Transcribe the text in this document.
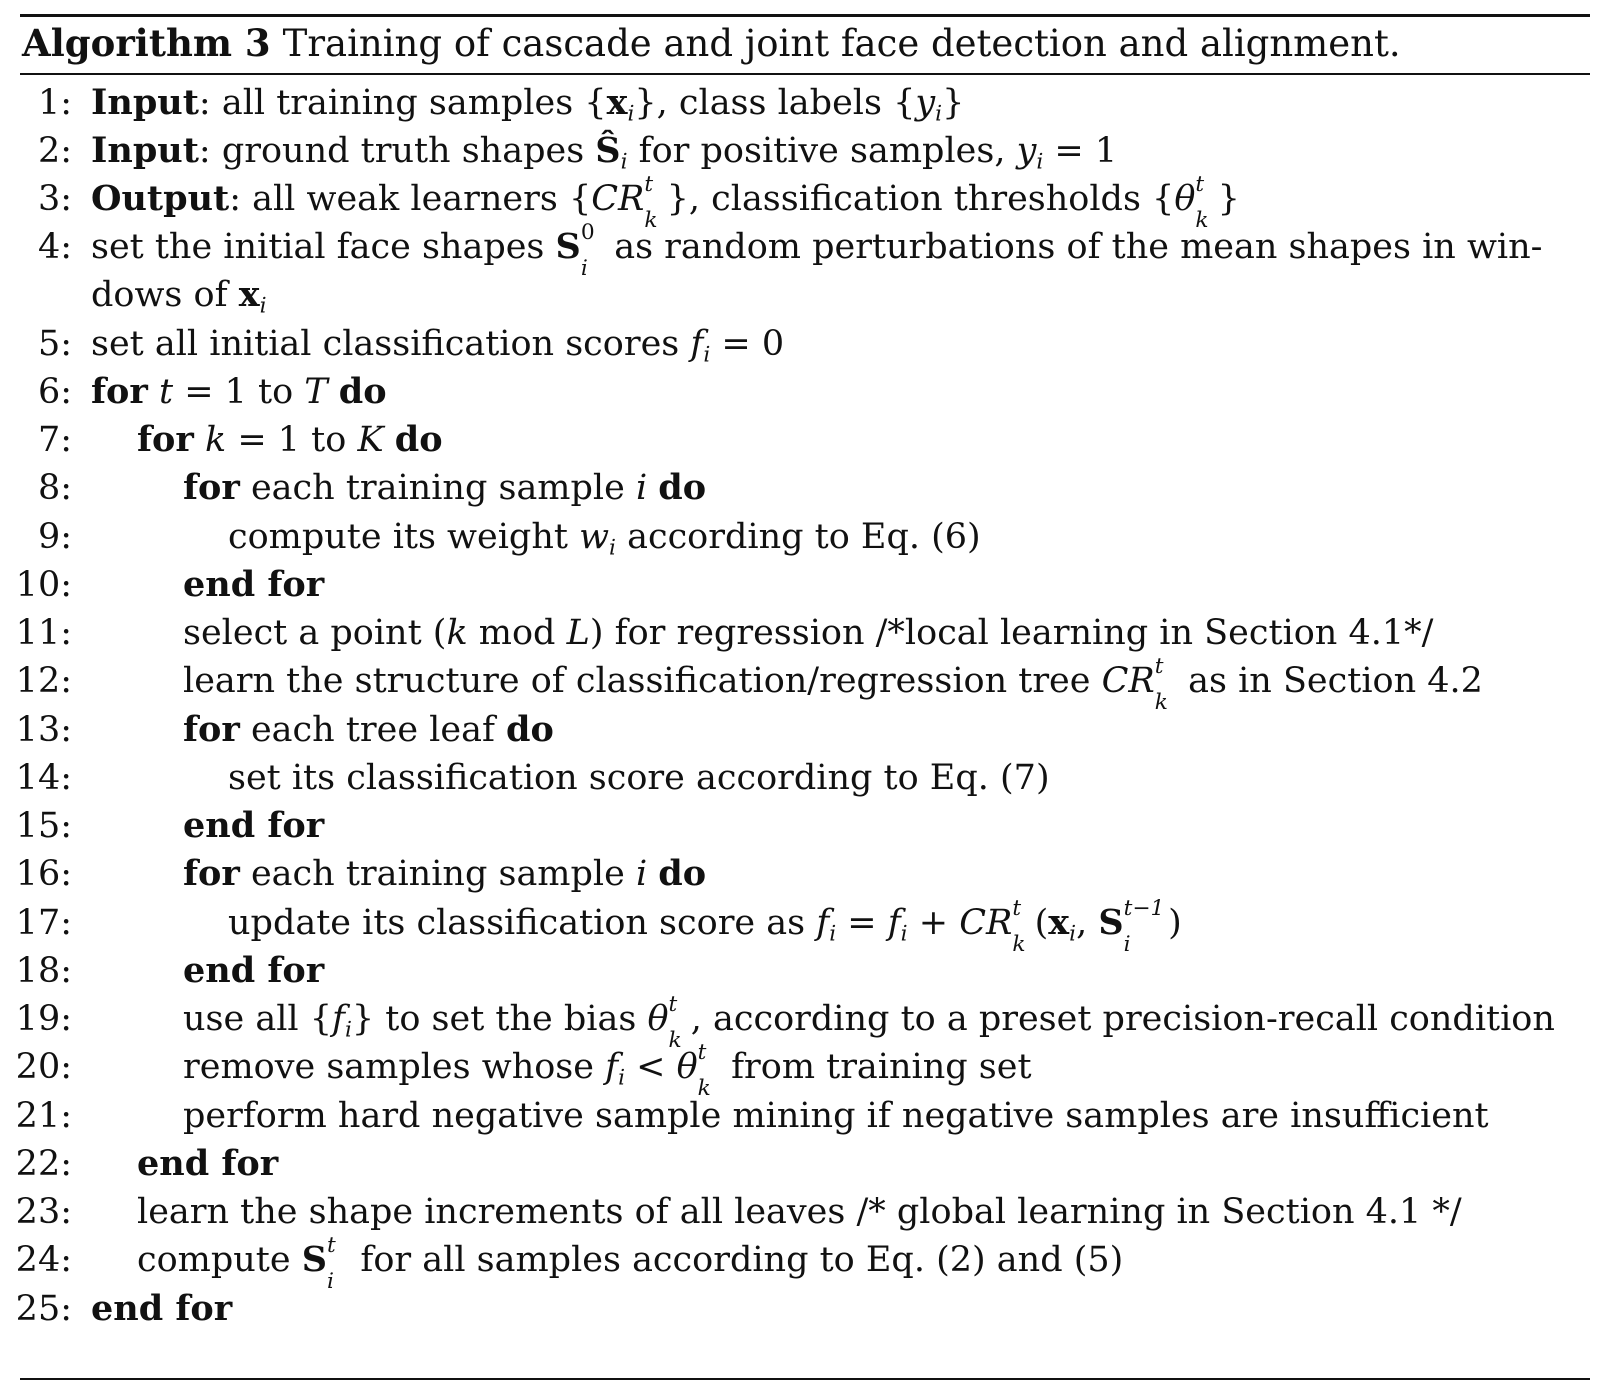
Algorithm 3 Training of cascade and joint face detection and alignment.
1: Input: all training samples $\{x_i\}$, class labels $\{y_i\}$
2: Input: ground truth shapes $Ŝ_i$ for positive samples, $y_i = 1$
3: Output: all weak learners {CR t
k
}, classification thresholds {θ t
k
}
4: set the initial face shapes S 0
i
as random perturbations of the mean shapes in win-
dows of $x_i$
5: set all initial classification scores $f_i = 0$
6: for t = 1 to T do
7: for k = 1 to K do
8:	for each training sample i do
9:	compute its weight $w_i$ according to Eq. (6)
10:	end for
11:	select a point (k mod L) for regression /*local learning in Section 4.1*/
12:	learn the structure of classification/regression tree CR t
k
as in Section 4.2
13:	for each tree leaf do
14:	set its classification score according to Eq. (7)
15:	end for
16:	for each training sample i do
17:	update its classification score as $f_i = f_i$ + CR t
k
($x_i$, S t−1
i
)
18:	end for
19:	use all $\{f_i\}$ to set the bias θ t
k
, according to a preset precision-recall condition
20:	remove samples whose $f_i < \theta$ t
k
from training set
21:	perform hard negative sample mining if negative samples are insufficient
22: end for
23: learn the shape increments of all leaves /* global learning in Section 4.1 */
24: compute S t
i
for all samples according to Eq. (2) and (5)
25: end for
